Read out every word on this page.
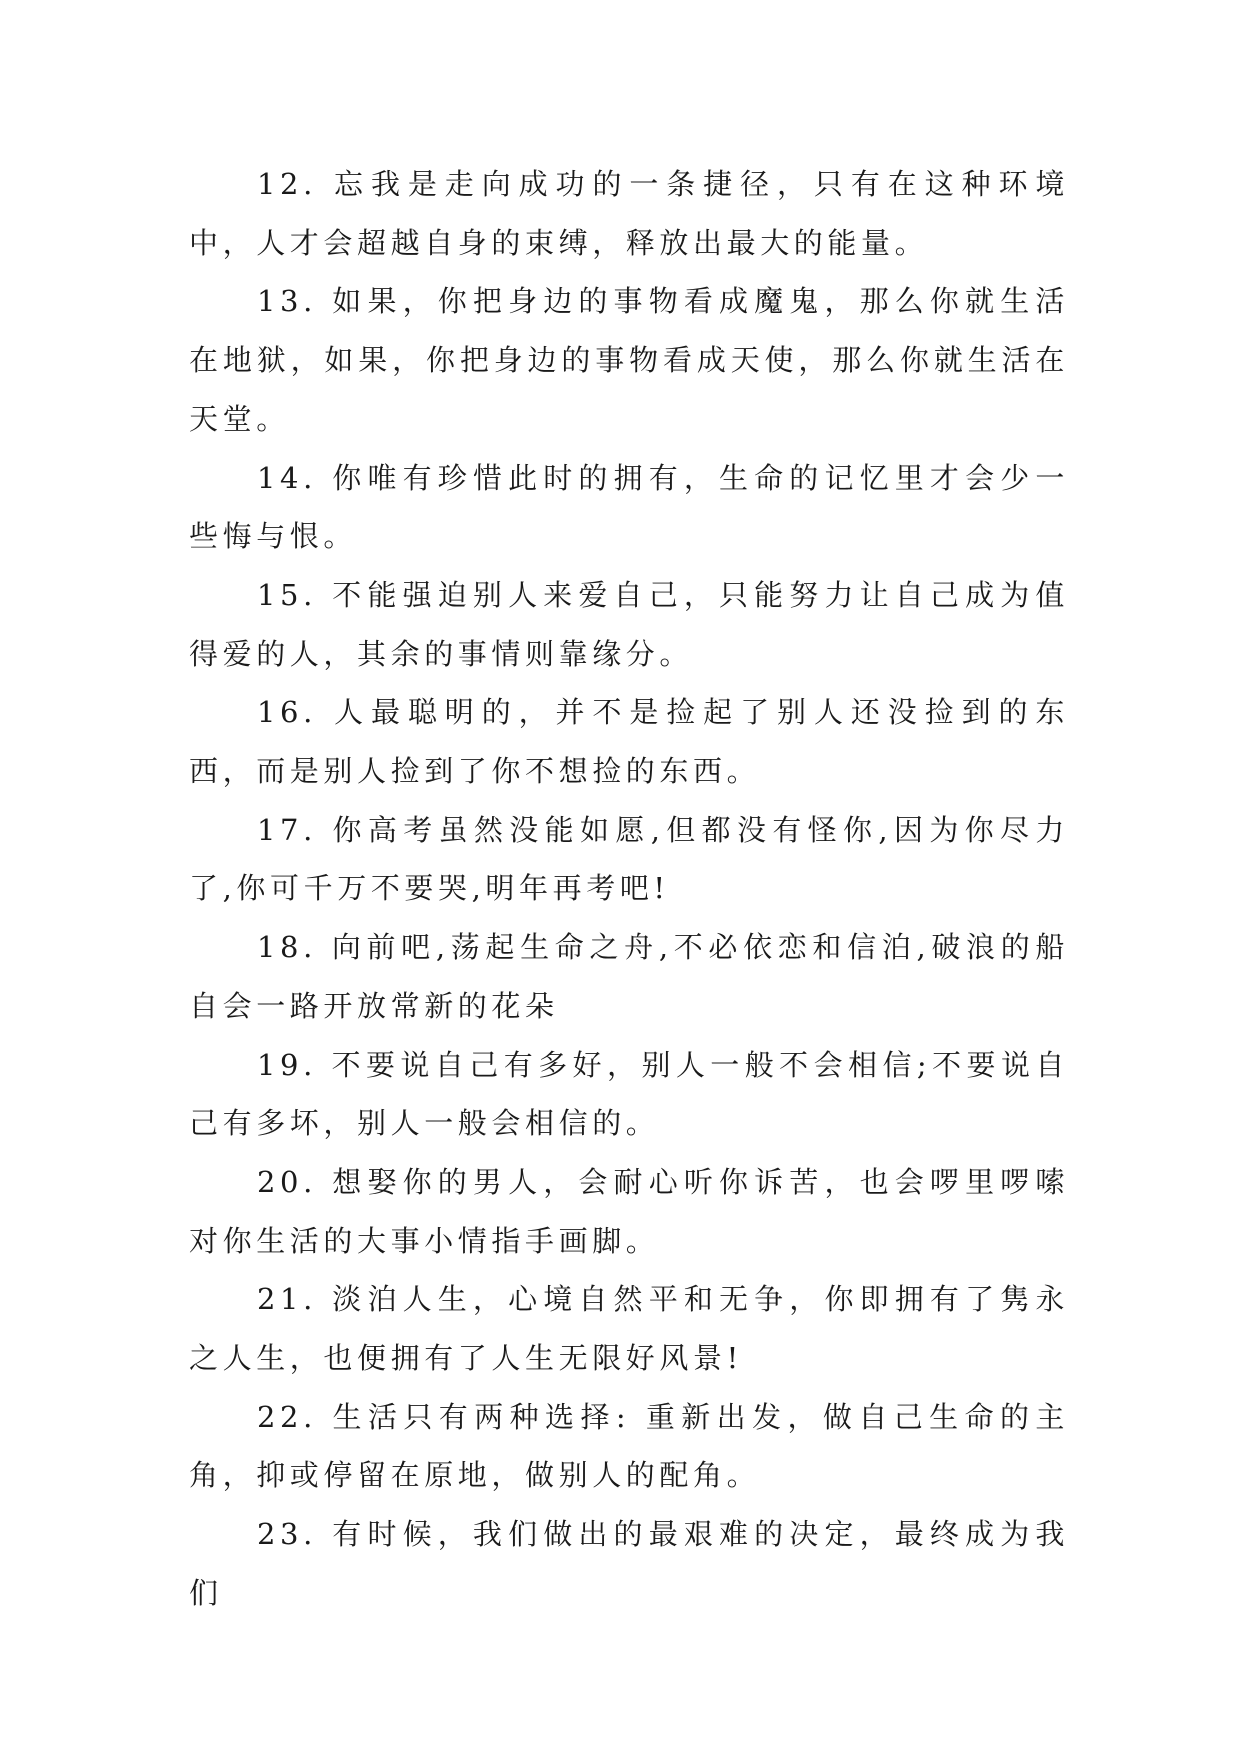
12. 忘我是走向成功的一条捷径，只有在这种环境中，人才会超越自身的束缚，释放出最大的能量。

13. 如果，你把身边的事物看成魔鬼，那么你就生活在地狱，如果，你把身边的事物看成天使，那么你就生活在天堂。

14. 你唯有珍惜此时的拥有，生命的记忆里才会少一些悔与恨。

15. 不能强迫别人来爱自己，只能努力让自己成为值得爱的人，其余的事情则靠缘分。

16. 人最聪明的，并不是捡起了别人还没捡到的东西，而是别人捡到了你不想捡的东西。

17. 你高考虽然没能如愿,但都没有怪你,因为你尽力了,你可千万不要哭,明年再考吧!

18. 向前吧,荡起生命之舟,不必依恋和信泊,破浪的船自会一路开放常新的花朵

19. 不要说自己有多好，别人一般不会相信;不要说自己有多坏，别人一般会相信的。

20. 想娶你的男人，会耐心听你诉苦，也会啰里啰嗦对你生活的大事小情指手画脚。

21. 淡泊人生，心境自然平和无争，你即拥有了隽永之人生，也便拥有了人生无限好风景!

22. 生活只有两种选择: 重新出发，做自己生命的主角，抑或停留在原地，做别人的配角。

23. 有时候，我们做出的最艰难的决定，最终成为我们
